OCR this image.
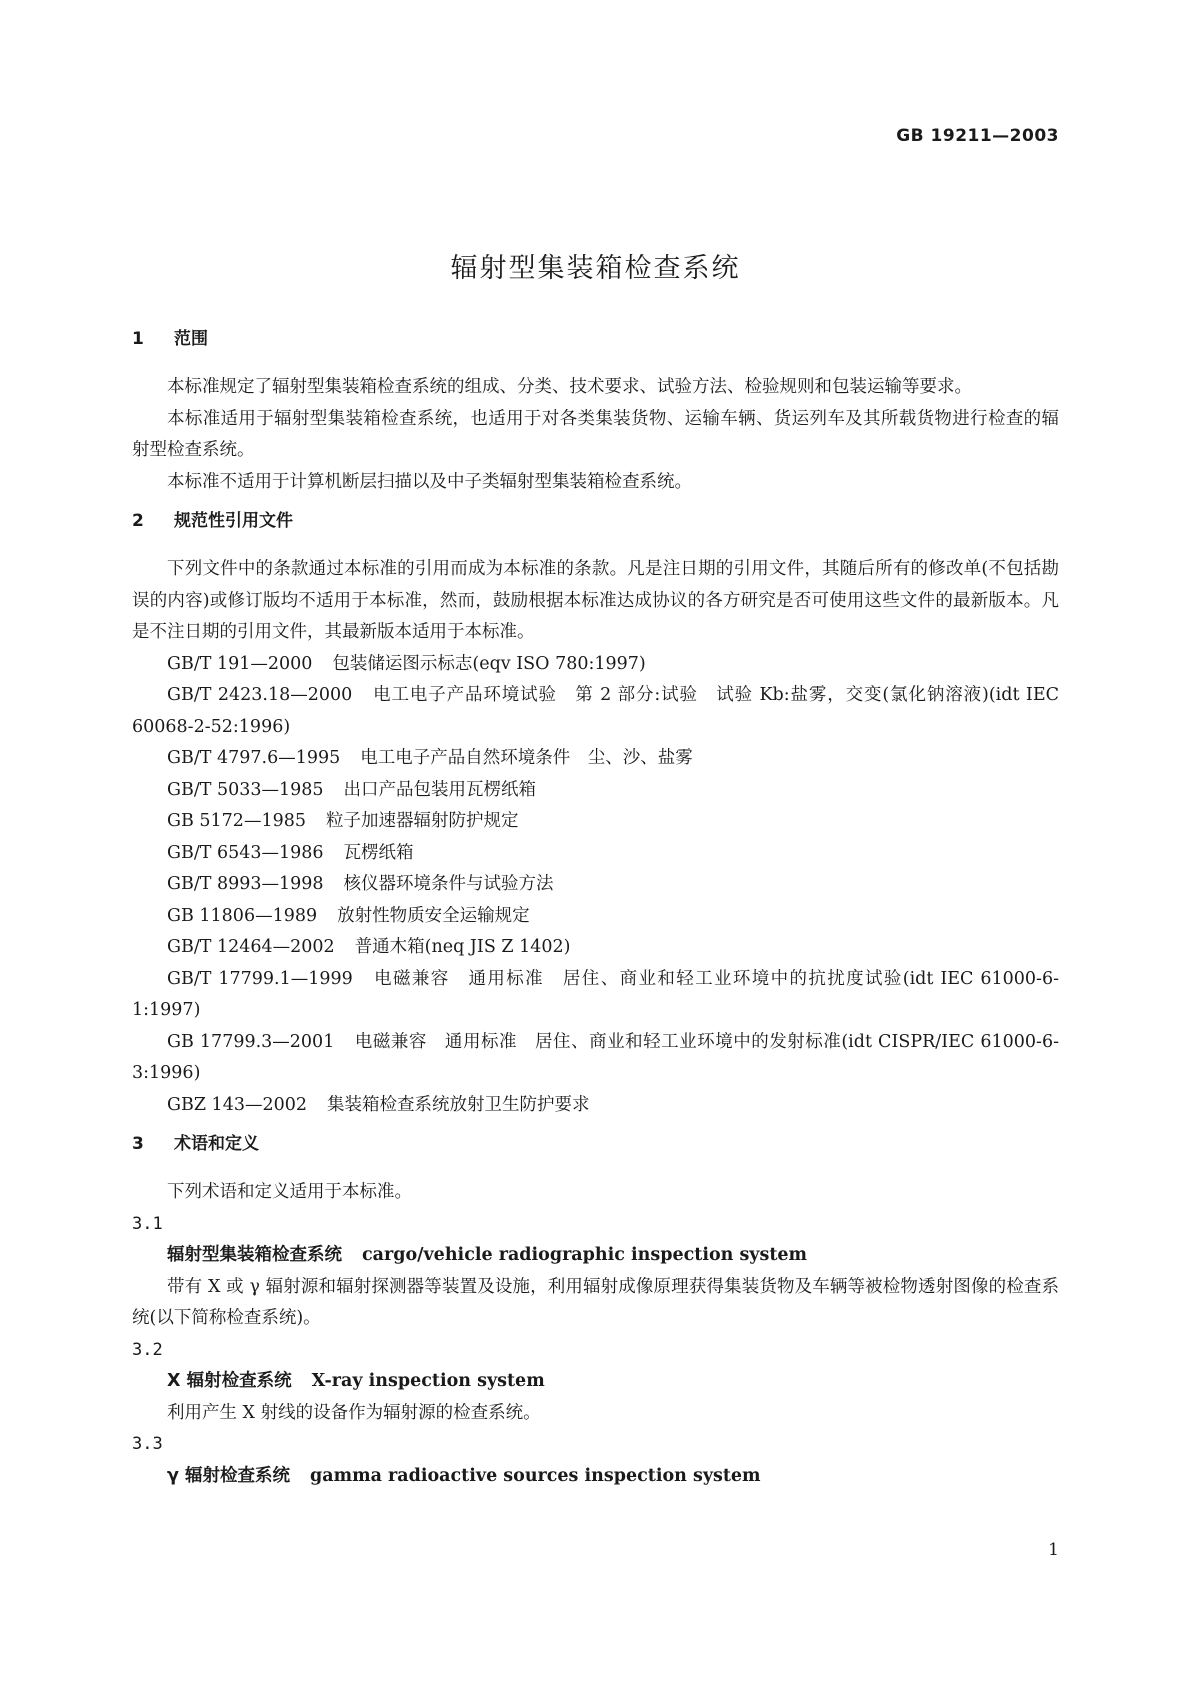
GB 19211—2003
辐射型集装箱检查系统
1 范围

本标准规定了辐射型集装箱检查系统的组成、分类、技术要求、试验方法、检验规则和包装运输等要求。

本标准适用于辐射型集装箱检查系统，也适用于对各类集装货物、运输车辆、货运列车及其所载货物进行检查的辐射型检查系统。

本标准不适用于计算机断层扫描以及中子类辐射型集装箱检查系统。

2 规范性引用文件

下列文件中的条款通过本标准的引用而成为本标准的条款。凡是注日期的引用文件，其随后所有的修改单(不包括勘误的内容)或修订版均不适用于本标准，然而，鼓励根据本标准达成协议的各方研究是否可使用这些文件的最新版本。凡是不注日期的引用文件，其最新版本适用于本标准。

GB/T 191—2000 包装储运图示标志(eqv ISO 780:1997)

GB/T 2423.18—2000 电工电子产品环境试验　第 2 部分:试验　试验 Kb:盐雾，交变(氯化钠溶液)(idt IEC 60068-2-52:1996)

GB/T 4797.6—1995 电工电子产品自然环境条件　尘、沙、盐雾

GB/T 5033—1985 出口产品包装用瓦楞纸箱

GB 5172—1985 粒子加速器辐射防护规定

GB/T 6543—1986 瓦楞纸箱

GB/T 8993—1998 核仪器环境条件与试验方法

GB 11806—1989 放射性物质安全运输规定

GB/T 12464—2002 普通木箱(neq JIS Z 1402)

GB/T 17799.1—1999 电磁兼容　通用标准　居住、商业和轻工业环境中的抗扰度试验(idt IEC 61000-6-1:1997)

GB 17799.3—2001 电磁兼容　通用标准　居住、商业和轻工业环境中的发射标准(idt CISPR/IEC 61000-6-3:1996)

GBZ 143—2002 集装箱检查系统放射卫生防护要求

3 术语和定义

下列术语和定义适用于本标准。

3.1

辐射型集装箱检查系统 cargo/vehicle radiographic inspection system

带有 X 或 γ 辐射源和辐射探测器等装置及设施，利用辐射成像原理获得集装货物及车辆等被检物透射图像的检查系统(以下简称检查系统)。

3.2

X 辐射检查系统 X-ray inspection system

利用产生 X 射线的设备作为辐射源的检查系统。

3.3

γ 辐射检查系统 gamma radioactive sources inspection system

1
